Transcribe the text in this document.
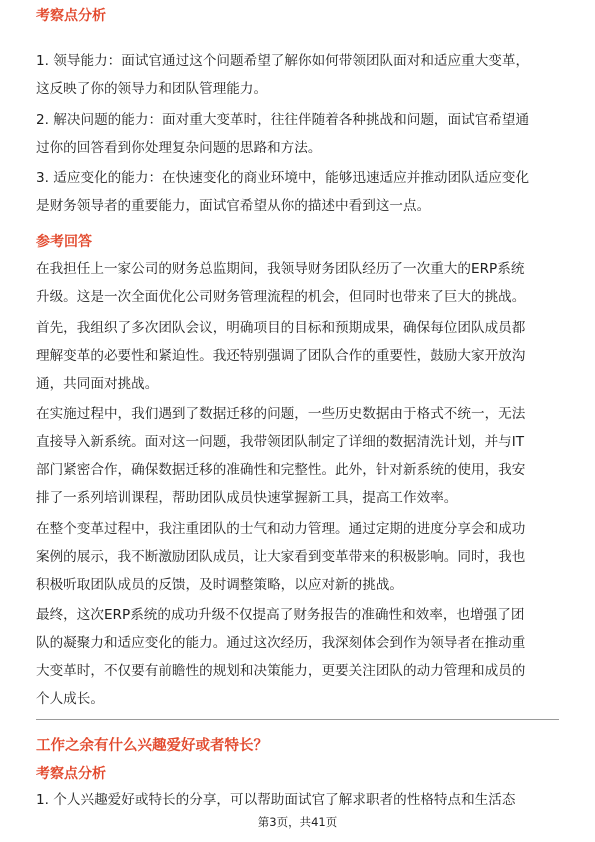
考察点分析
1. 领导能力：面试官通过这个问题希望了解你如何带领团队面对和适应重大变革，
这反映了你的领导力和团队管理能力。
2. 解决问题的能力：面对重大变革时，往往伴随着各种挑战和问题，面试官希望通
过你的回答看到你处理复杂问题的思路和方法。
3. 适应变化的能力：在快速变化的商业环境中，能够迅速适应并推动团队适应变化
是财务领导者的重要能力，面试官希望从你的描述中看到这一点。
参考回答
在我担任上一家公司的财务总监期间，我领导财务团队经历了一次重大的ERP系统
升级。这是一次全面优化公司财务管理流程的机会，但同时也带来了巨大的挑战。
首先，我组织了多次团队会议，明确项目的目标和预期成果，确保每位团队成员都
理解变革的必要性和紧迫性。我还特别强调了团队合作的重要性，鼓励大家开放沟
通，共同面对挑战。
在实施过程中，我们遇到了数据迁移的问题，一些历史数据由于格式不统一，无法
直接导入新系统。面对这一问题，我带领团队制定了详细的数据清洗计划，并与IT
部门紧密合作，确保数据迁移的准确性和完整性。此外，针对新系统的使用，我安
排了一系列培训课程，帮助团队成员快速掌握新工具，提高工作效率。
在整个变革过程中，我注重团队的士气和动力管理。通过定期的进度分享会和成功
案例的展示，我不断激励团队成员，让大家看到变革带来的积极影响。同时，我也
积极听取团队成员的反馈，及时调整策略，以应对新的挑战。
最终，这次ERP系统的成功升级不仅提高了财务报告的准确性和效率，也增强了团
队的凝聚力和适应变化的能力。通过这次经历，我深刻体会到作为领导者在推动重
大变革时，不仅要有前瞻性的规划和决策能力，更要关注团队的动力管理和成员的
个人成长。
工作之余有什么兴趣爱好或者特长？
考察点分析
1. 个人兴趣爱好或特长的分享，可以帮助面试官了解求职者的性格特点和生活态
第3页，共41页
